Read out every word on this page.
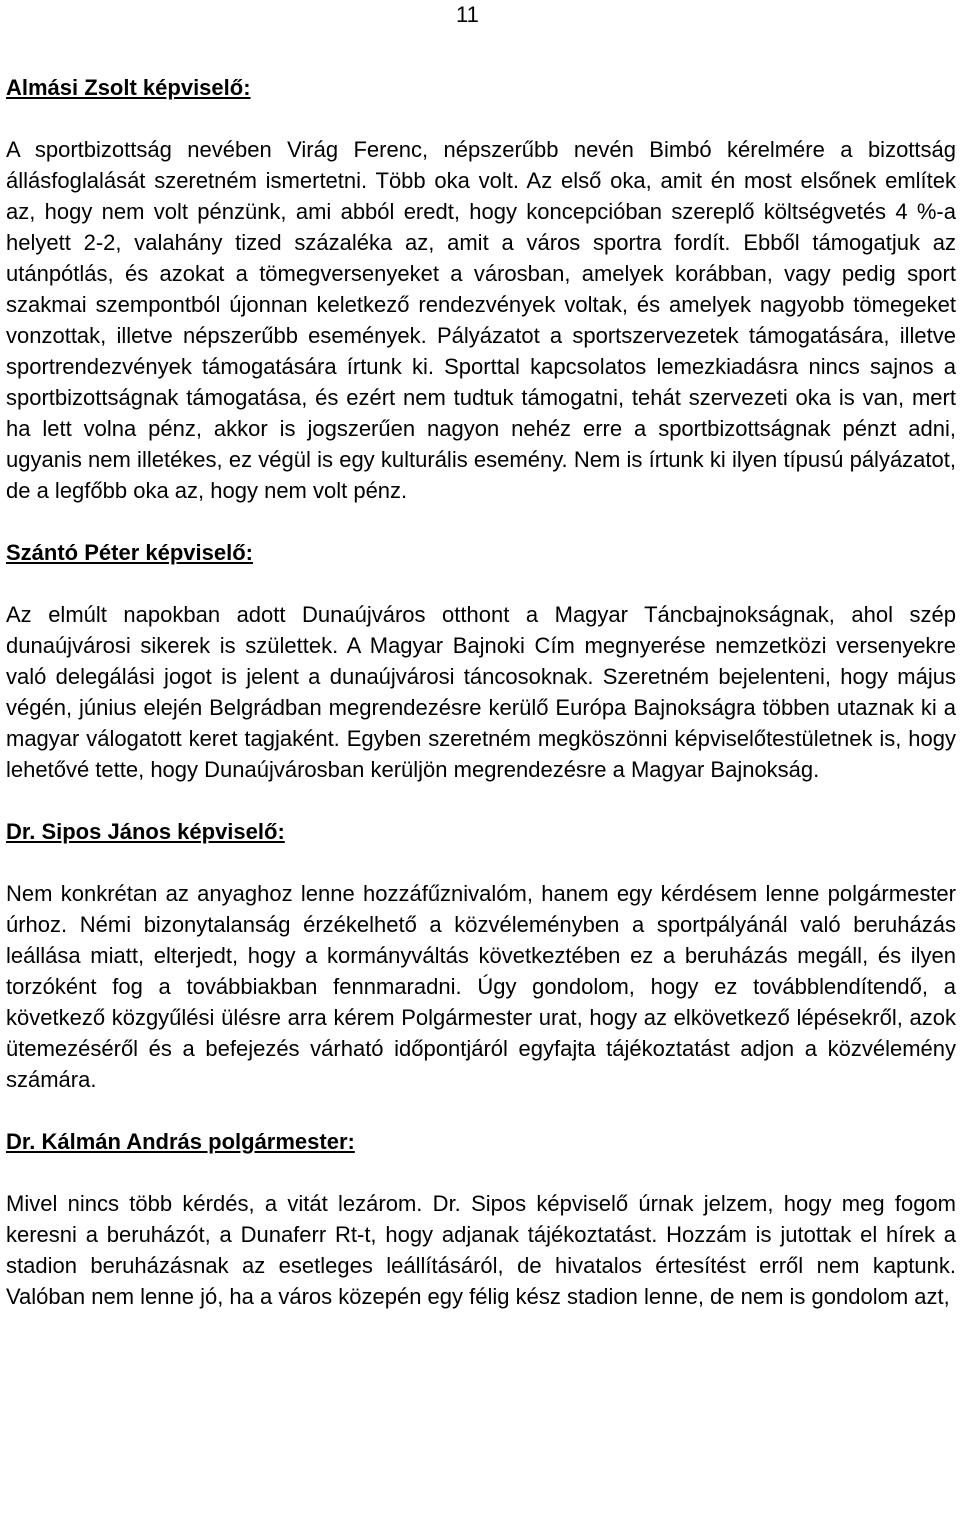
11

Almási Zsolt képviselő:

A sportbizottság nevében Virág Ferenc, népszerűbb nevén Bimbó kérelmére a bizottság állásfoglalását szeretném ismertetni. Több oka volt. Az első oka, amit én most elsőnek említek az, hogy nem volt pénzünk, ami abból eredt, hogy koncepcióban szereplő költségvetés 4 %-a helyett 2-2, valahány tized százaléka az, amit a város sportra fordít. Ebből támogatjuk az utánpótlás, és azokat a tömegversenyeket a városban, amelyek korábban, vagy pedig sport szakmai szempontból újonnan keletkező rendezvények voltak, és amelyek nagyobb tömegeket vonzottak, illetve népszerűbb események. Pályázatot a sportszervezetek támogatására, illetve sportrendezvények támogatására írtunk ki. Sporttal kapcsolatos lemezkiadásra nincs sajnos a sportbizottságnak támogatása, és ezért nem tudtuk támogatni, tehát szervezeti oka is van, mert ha lett volna pénz, akkor is jogszerűen nagyon nehéz erre a sportbizottságnak pénzt adni, ugyanis nem illetékes, ez végül is egy kulturális esemény. Nem is írtunk ki ilyen típusú pályázatot, de a legfőbb oka az, hogy nem volt pénz.

Szántó Péter képviselő:

Az elmúlt napokban adott Dunaújváros otthont a Magyar Táncbajnokságnak, ahol szép dunaújvárosi sikerek is születtek. A Magyar Bajnoki Cím megnyerése nemzetközi versenyekre való delegálási jogot is jelent a dunaújvárosi táncosoknak. Szeretném bejelenteni, hogy május végén, június elején Belgrádban megrendezésre kerülő Európa Bajnokságra többen utaznak ki a magyar válogatott keret tagjaként. Egyben szeretném megköszönni képviselőtestületnek is, hogy lehetővé tette, hogy Dunaújvárosban kerüljön megrendezésre a Magyar Bajnokság.

Dr. Sipos János képviselő:

Nem konkrétan az anyaghoz lenne hozzáfűznivalóm, hanem egy kérdésem lenne polgármester úrhoz. Némi bizonytalanság érzékelhető a közvéleményben a sportpályánál való beruházás leállása miatt, elterjedt, hogy a kormányváltás következtében ez a beruházás megáll, és ilyen torzóként fog a továbbiakban fennmaradni. Úgy gondolom, hogy ez továbblendítendő, a következő közgyűlési ülésre arra kérem Polgármester urat, hogy az elkövetkező lépésekről, azok ütemezéséről és a befejezés várható időpontjáról egyfajta tájékoztatást adjon a közvélemény számára.

Dr. Kálmán András polgármester:

Mivel nincs több kérdés, a vitát lezárom. Dr. Sipos képviselő úrnak jelzem, hogy meg fogom keresni a beruházót, a Dunaferr Rt-t, hogy adjanak tájékoztatást. Hozzám is jutottak el hírek a stadion beruházásnak az esetleges leállításáról, de hivatalos értesítést erről nem kaptunk. Valóban nem lenne jó, ha a város közepén egy félig kész stadion lenne, de nem is gondolom azt,
